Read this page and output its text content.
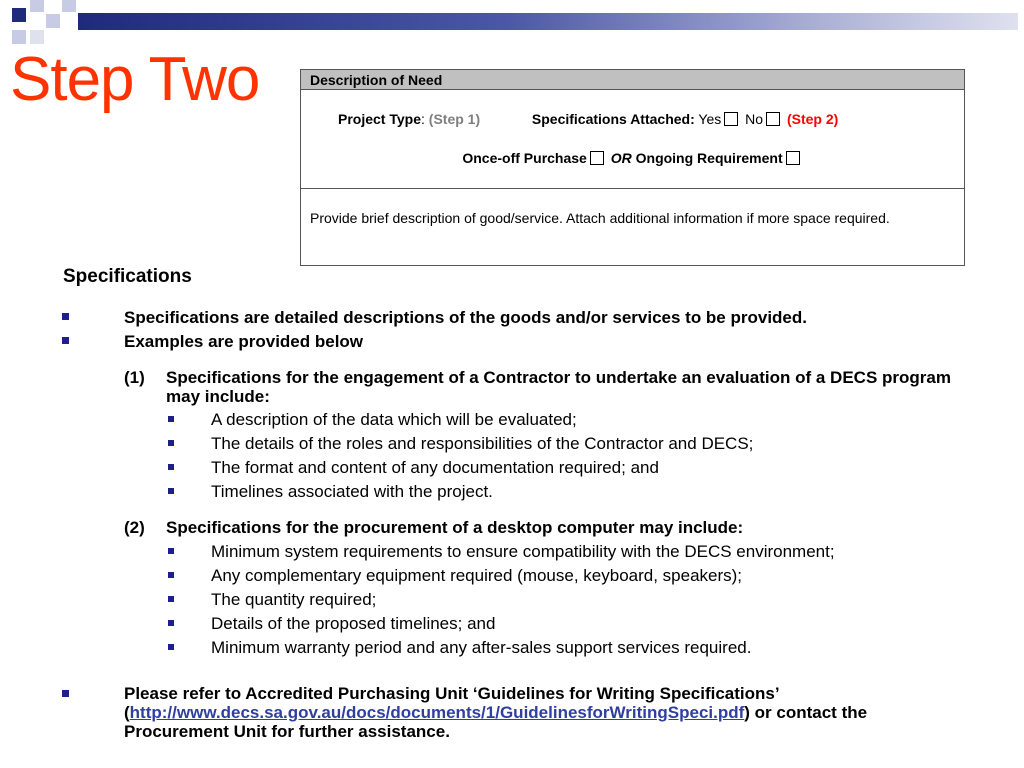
Step Two	Description of Need
Project Type: (Step 1)	Specifications Attached: Yes No (Step 2)
Once-off Purchase OR Ongoing Requirement
Provide brief description of good/service. Attach additional information if more space required.
Specifications
Specifications are detailed descriptions of the goods and/or services to be provided.
Examples are provided below
(1) Specifications for the engagement of a Contractor to undertake an evaluation of a DECS program may include:
A description of the data which will be evaluated;
The details of the roles and responsibilities of the Contractor and DECS;
The format and content of any documentation required; and
Timelines associated with the project.
(2) Specifications for the procurement of a desktop computer may include:
Minimum system requirements to ensure compatibility with the DECS environment;
Any complementary equipment required (mouse, keyboard, speakers);
The quantity required;
Details of the proposed timelines; and
Minimum warranty period and any after-sales support services required.
Please refer to Accredited Purchasing Unit ‘Guidelines for Writing Specifications’ (http://www.decs.sa.gov.au/docs/documents/1/GuidelinesforWritingSpeci.pdf) or contact the Procurement Unit for further assistance.
